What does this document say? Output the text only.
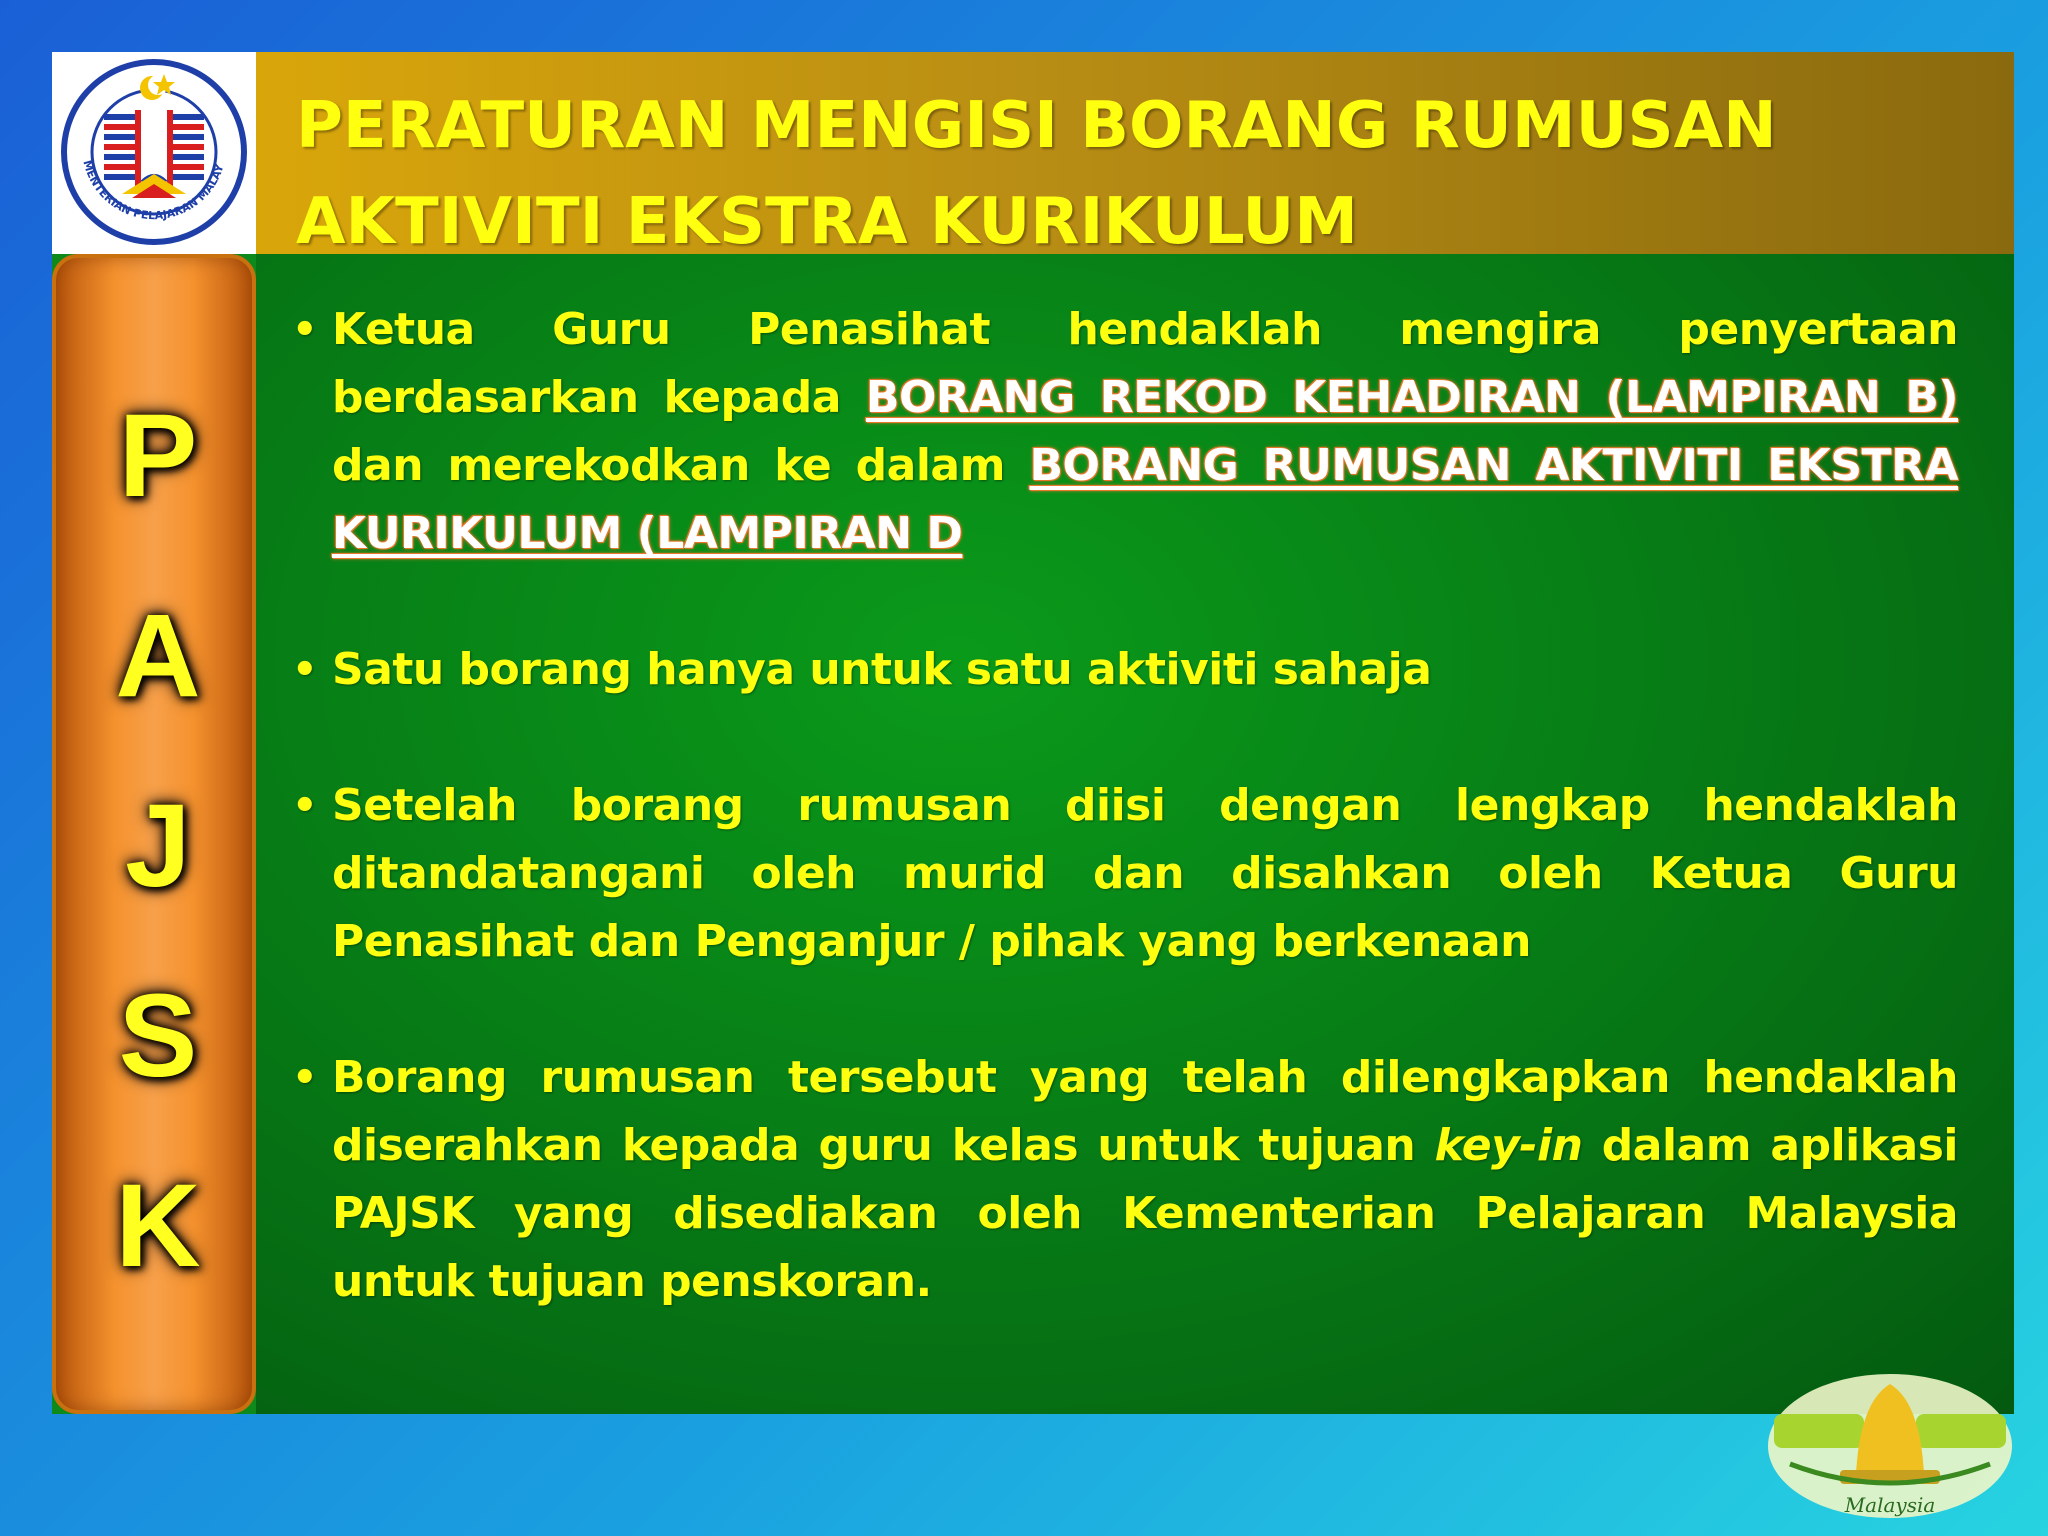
MENTERIAN PELAJARAN MALAY
PERATURAN MENGISI BORANG RUMUSAN
AKTIVITI EKSTRA KURIKULUM
P
A
J
S
K
• Ketua Guru Penasihat hendaklah mengira penyertaan berdasarkan kepada BORANG REKOD KEHADIRAN (LAMPIRAN B) dan merekodkan ke dalam BORANG RUMUSAN AKTIVITI EKSTRA KURIKULUM (LAMPIRAN D
• Satu borang hanya untuk satu aktiviti sahaja
• Setelah borang rumusan diisi dengan lengkap hendaklah ditandatangani oleh murid dan disahkan oleh Ketua Guru Penasihat dan Penganjur / pihak yang berkenaan
• Borang rumusan tersebut yang telah dilengkapkan hendaklah diserahkan kepada guru kelas untuk tujuan key-in dalam aplikasi PAJSK yang disediakan oleh Kementerian Pelajaran Malaysia untuk tujuan penskoran.
Malaysia
